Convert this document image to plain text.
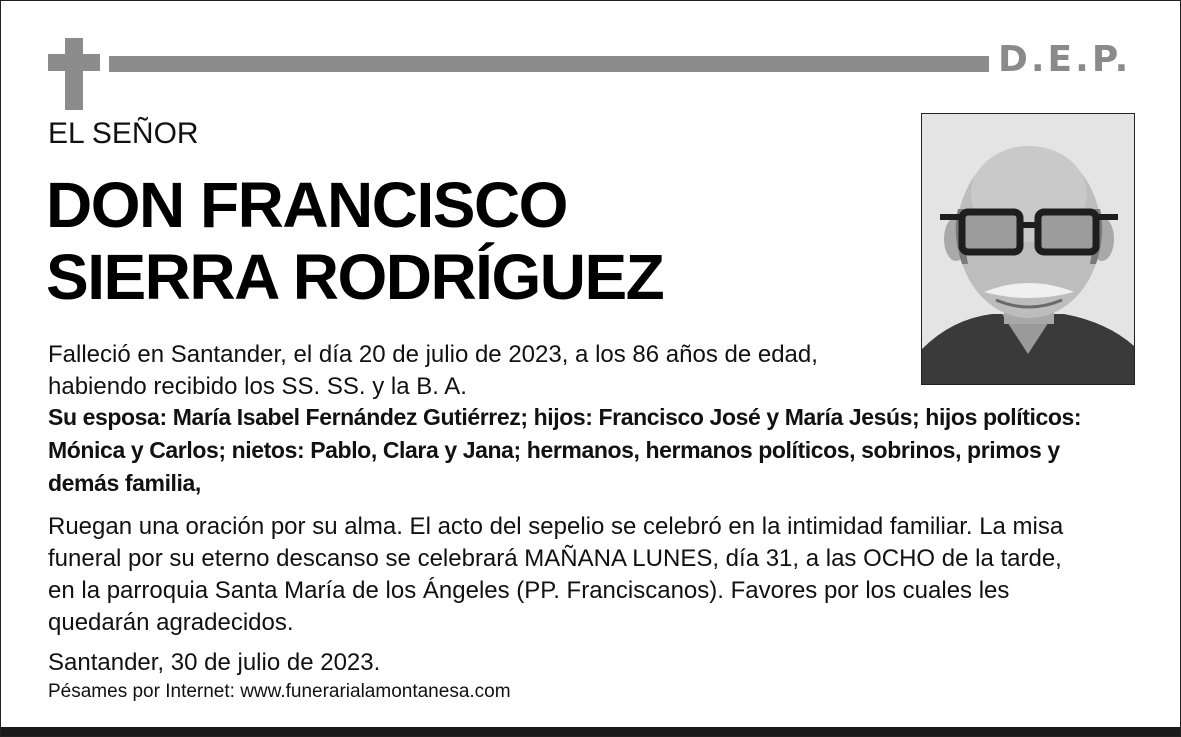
D.E.P.
EL SEÑOR
DON FRANCISCO
SIERRA RODRÍGUEZ
Falleció en Santander, el día 20 de julio de 2023, a los 86 años de edad,
habiendo recibido los SS. SS. y la B. A.
Su esposa: María Isabel Fernández Gutiérrez; hijos: Francisco José y María Jesús; hijos políticos:
Mónica y Carlos; nietos: Pablo, Clara y Jana; hermanos, hermanos políticos, sobrinos, primos y
demás familia,
Ruegan una oración por su alma. El acto del sepelio se celebró en la intimidad familiar. La misa
funeral por su eterno descanso se celebrará MAÑANA LUNES, día 31, a las OCHO de la tarde,
en la parroquia Santa María de los Ángeles (PP. Franciscanos). Favores por los cuales les
quedarán agradecidos.
Santander, 30 de julio de 2023.
Pésames por Internet: www.funerarialamontanesa.com
